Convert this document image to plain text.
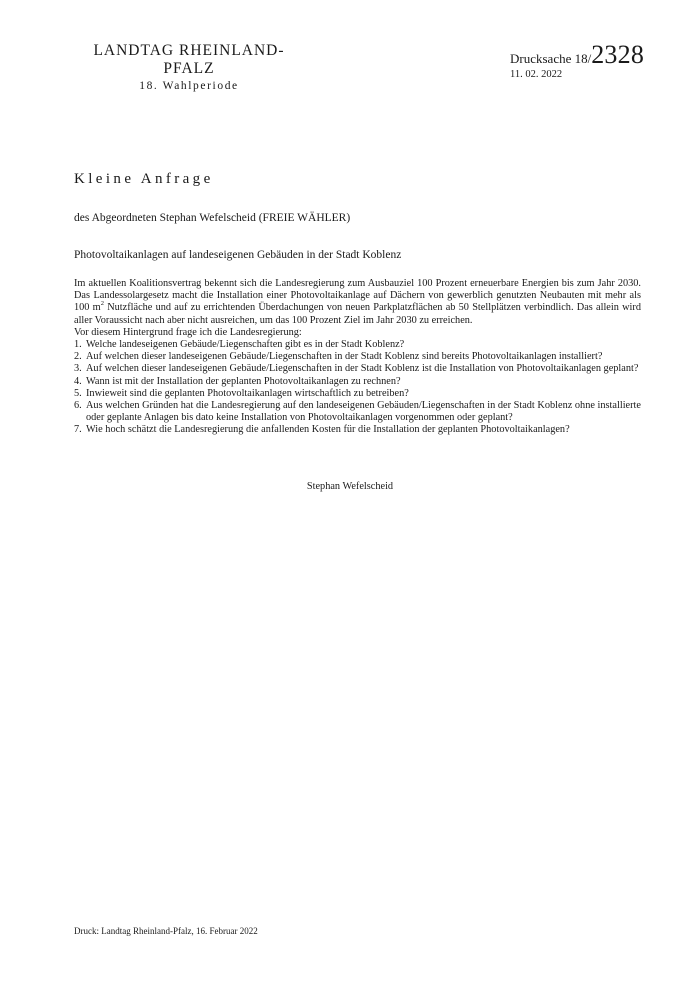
LANDTAG RHEINLAND-PFALZ
18. Wahlperiode
Drucksache 18/2328
11. 02. 2022
Kleine Anfrage
des Abgeordneten Stephan Wefelscheid (FREIE WÄHLER)
Photovoltaikanlagen auf landeseigenen Gebäuden in der Stadt Koblenz

Im aktuellen Koalitionsvertrag bekennt sich die Landesregierung zum Ausbauziel 100 Prozent erneuerbare Energien bis zum Jahr 2030. Das Landessolargesetz macht die Installation einer Photovoltaikanlage auf Dächern von gewerblich genutzten Neubauten mit mehr als 100 $m^2$ Nutzfläche und auf zu errichtenden Überdachungen von neuen Parkplatzflächen ab 50 Stellplätzen verbindlich. Das allein wird aller Voraussicht nach aber nicht ausreichen, um das 100 Prozent Ziel im Jahr 2030 zu erreichen.

Vor diesem Hintergrund frage ich die Landesregierung:
1. Welche landeseigenen Gebäude/Liegenschaften gibt es in der Stadt Koblenz?
2. Auf welchen dieser landeseigenen Gebäude/Liegenschaften in der Stadt Koblenz sind bereits Photovoltaikanlagen installiert?
3. Auf welchen dieser landeseigenen Gebäude/Liegenschaften in der Stadt Koblenz ist die Installation von Photovoltaikanlagen geplant?
4. Wann ist mit der Installation der geplanten Photovoltaikanlagen zu rechnen?
5. Inwieweit sind die geplanten Photovoltaikanlagen wirtschaftlich zu betreiben?
6. Aus welchen Gründen hat die Landesregierung auf den landeseigenen Gebäuden/Liegenschaften in der Stadt Koblenz ohne installierte oder geplante Anlagen bis dato keine Installation von Photovoltaikanlagen vorgenommen oder geplant?
7. Wie hoch schätzt die Landesregierung die anfallenden Kosten für die Installation der geplanten Photovoltaikanlagen?
Stephan Wefelscheid
Druck: Landtag Rheinland-Pfalz, 16. Februar 2022
